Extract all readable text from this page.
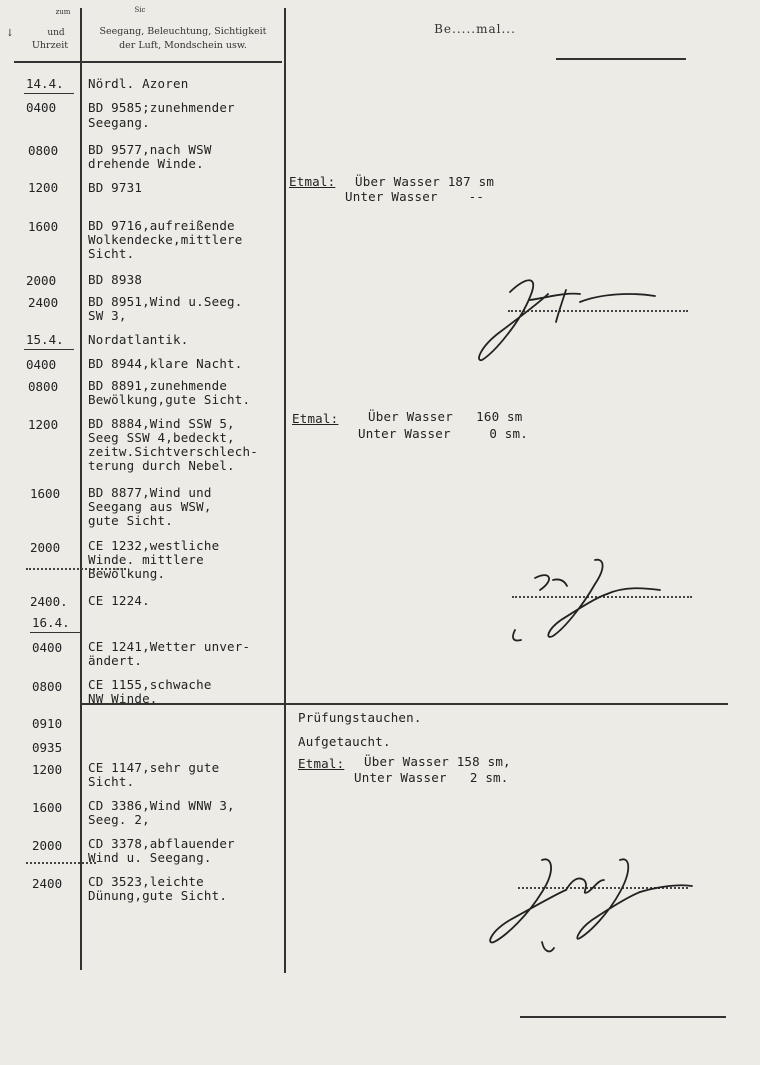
zum
und
Uhrzeit
↓
Sic
Seegang, Beleuchtung, Sichtigkeit
der Luft, Mondschein usw.
Be.....mal...
14.4. Nördl. Azoren
15.4. Nordatlantik.
16.4.
0400
0800
1200
1600
2000
2400
0400
0800
1200
1600
2000
2400.
0400
0800
0910
0935
1200
1600
2000
2400
BD 9585;zunehmender
Seegang.
BD 9577,nach WSW
drehende Winde.
BD 9731
BD 9716,aufreißende
Wolkendecke,mittlere
Sicht.
BD 8938
BD 8951,Wind u.Seeg.
SW 3,
BD 8944,klare Nacht.
BD 8891,zunehmende
Bewölkung,gute Sicht.
BD 8884,Wind SSW 5,
Seeg SSW 4,bedeckt,
zeitw.Sichtverschlech-
terung durch Nebel.
BD 8877,Wind und
Seegang aus WSW,
gute Sicht.
CE 1232,westliche
Winde. mittlere
Bewölkung.
CE 1224.
CE 1241,Wetter unver-
ändert.
CE 1155,schwache
NW Winde.
CE 1147,sehr gute
Sicht.
CD 3386,Wind WNW 3,
Seeg. 2,
CD 3378,abflauender
Wind u. Seegang.
CD 3523,leichte
Dünung,gute Sicht.
Etmal: Über Wasser 187 sm
Unter Wasser    --
Etmal: Über Wasser   160 sm
Unter Wasser     0 sm.
Prüfungstauchen.
Aufgetaucht.
Etmal: Über Wasser 158 sm,
Unter Wasser   2 sm.
